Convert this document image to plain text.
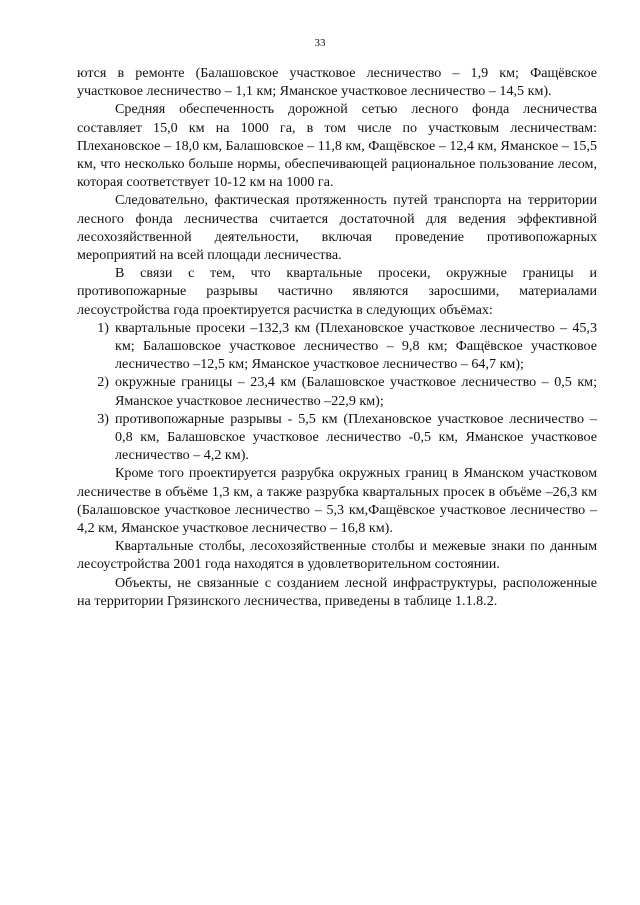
33

ются в ремонте (Балашовское участковое лесничество – 1,9 км; Фащёвское участковое лесничество – 1,1 км; Яманское участковое лесничество – 14,5 км).

Средняя обеспеченность дорожной сетью лесного фонда лесничества составляет 15,0 км на 1000 га, в том числе по участковым лесничествам: Плехановское – 18,0 км, Балашовское – 11,8 км, Фащёвское – 12,4 км, Яманское – 15,5 км, что несколько больше нормы, обеспечивающей рациональное пользование лесом, которая соответствует 10-12 км на 1000 га.

Следовательно, фактическая протяженность путей транспорта на территории лесного фонда лесничества считается достаточной для ведения эффективной лесохозяйственной деятельности, включая проведение противопожарных мероприятий на всей площади лесничества.

В связи с тем, что квартальные просеки, окружные границы и противопожарные разрывы частично являются заросшими, материалами лесоустройства года проектируется расчистка в следующих объёмах:

1) квартальные просеки –132,3 км (Плехановское участковое лесничество – 45,3 км; Балашовское участковое лесничество – 9,8 км; Фащёвское участковое лесничество –12,5 км; Яманское участковое лесничество – 64,7 км);
2) окружные границы – 23,4 км (Балашовское участковое лесничество – 0,5 км; Яманское участковое лесничество –22,9 км);
3) противопожарные разрывы - 5,5 км (Плехановское участковое лесничество – 0,8 км, Балашовское участковое лесничество -0,5 км, Яманское участковое лесничество – 4,2 км).

Кроме того проектируется разрубка окружных границ в Яманском участковом лесничестве в объёме 1,3 км, а также разрубка квартальных просек в объёме –26,3 км (Балашовское участковое лесничество – 5,3 км,Фащёвское участковое лесничество – 4,2 км, Яманское участковое лесничество – 16,8 км).

Квартальные столбы, лесохозяйственные столбы и межевые знаки по данным лесоустройства 2001 года находятся в удовлетворительном состоянии.

Объекты, не связанные с созданием лесной инфраструктуры, расположенные на территории Грязинского лесничества, приведены в таблице 1.1.8.2.
